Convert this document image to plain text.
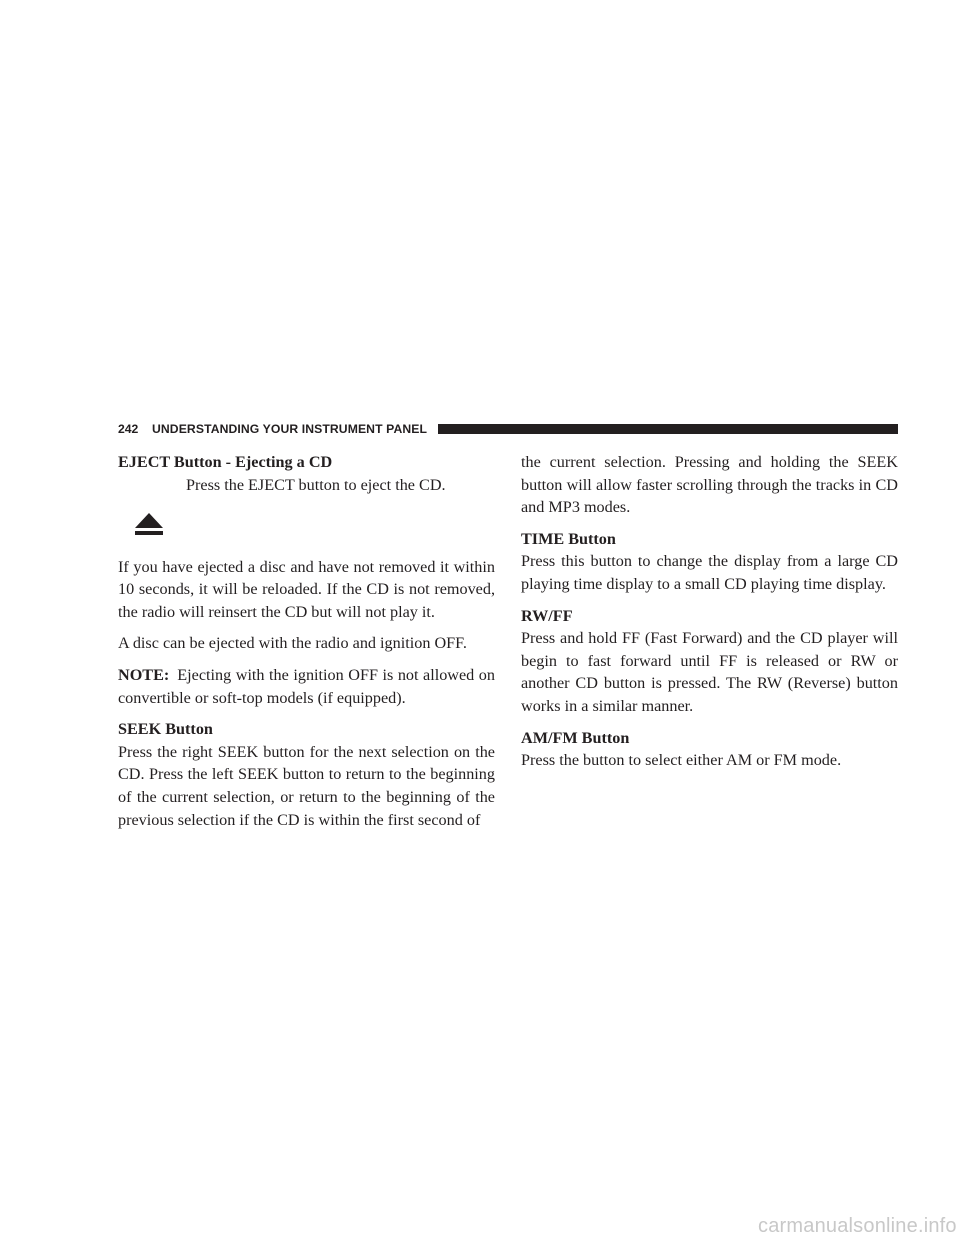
242 UNDERSTANDING YOUR INSTRUMENT PANEL

EJECT Button - Ejecting a CD

Press the EJECT button to eject the CD.

If you have ejected a disc and have not removed it within 10 seconds, it will be reloaded. If the CD is not removed, the radio will reinsert the CD but will not play it.

A disc can be ejected with the radio and ignition OFF.

NOTE: Ejecting with the ignition OFF is not allowed on convertible or soft-top models (if equipped).

SEEK Button

Press the right SEEK button for the next selection on the CD. Press the left SEEK button to return to the beginning of the current selection, or return to the beginning of the previous selection if the CD is within the first second of

the current selection. Pressing and holding the SEEK button will allow faster scrolling through the tracks in CD and MP3 modes.

TIME Button

Press this button to change the display from a large CD playing time display to a small CD playing time display.

RW/FF

Press and hold FF (Fast Forward) and the CD player will begin to fast forward until FF is released or RW or another CD button is pressed. The RW (Reverse) button works in a similar manner.

AM/FM Button

Press the button to select either AM or FM mode.

carmanualsonline.info
